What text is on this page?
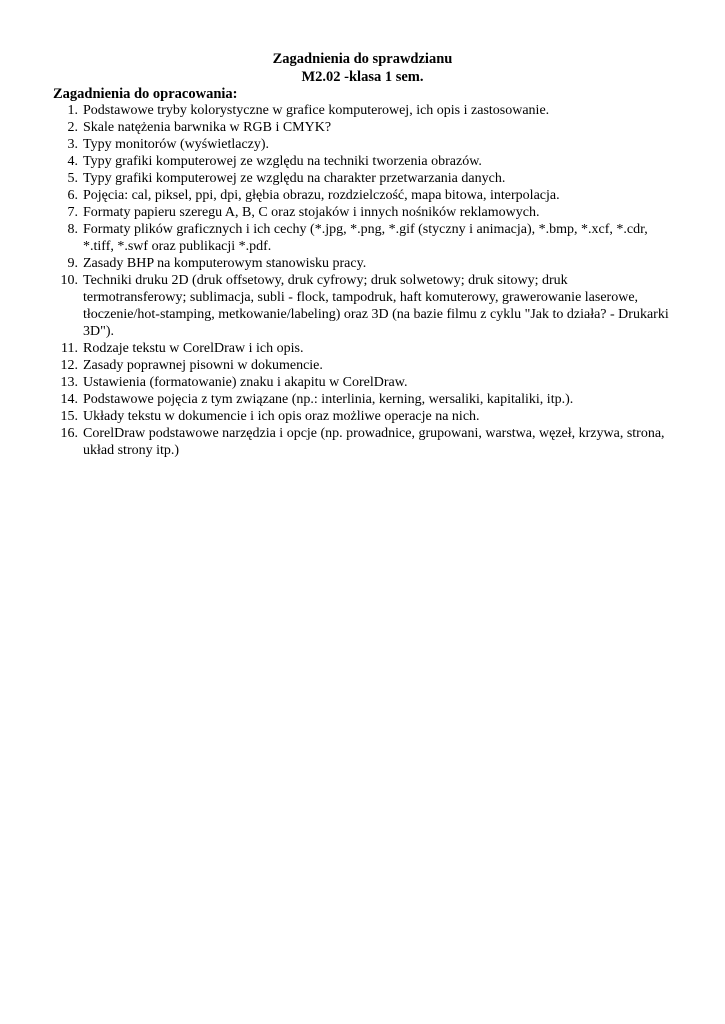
Zagadnienia do sprawdzianu
M2.02 -klasa 1 sem.
Zagadnienia do opracowania:
1. Podstawowe tryby kolorystyczne w grafice komputerowej, ich opis i zastosowanie.
2. Skale natężenia barwnika w RGB i CMYK?
3. Typy monitorów (wyświetlaczy).
4. Typy grafiki komputerowej ze względu na techniki tworzenia obrazów.
5. Typy grafiki komputerowej ze względu na charakter przetwarzania danych.
6. Pojęcia: cal, piksel, ppi, dpi, głębia obrazu, rozdzielczość, mapa bitowa, interpolacja.
7. Formaty papieru szeregu A, B, C oraz stojaków i innych nośników reklamowych.
8. Formaty plików graficznych i ich cechy (*.jpg, *.png, *.gif (styczny i animacja), *.bmp, *.xcf, *.cdr, *.tiff, *.swf oraz publikacji *.pdf.
9. Zasady BHP na komputerowym stanowisku pracy.
10. Techniki druku 2D (druk offsetowy, druk cyfrowy; druk solwetowy; druk sitowy; druk termotransferowy; sublimacja, subli - flock, tampodruk, haft komuterowy, grawerowanie laserowe, tłoczenie/hot-stamping, metkowanie/labeling) oraz 3D (na bazie filmu z cyklu "Jak to działa? - Drukarki 3D").
11. Rodzaje tekstu w CorelDraw i ich opis.
12. Zasady poprawnej pisowni w dokumencie.
13. Ustawienia (formatowanie) znaku i akapitu w CorelDraw.
14. Podstawowe pojęcia z tym związane (np.: interlinia, kerning, wersaliki, kapitaliki, itp.).
15. Układy tekstu w dokumencie i ich opis oraz możliwe operacje na nich.
16. CorelDraw podstawowe narzędzia i opcje (np. prowadnice, grupowani, warstwa, węzeł, krzywa, strona, układ strony itp.)
